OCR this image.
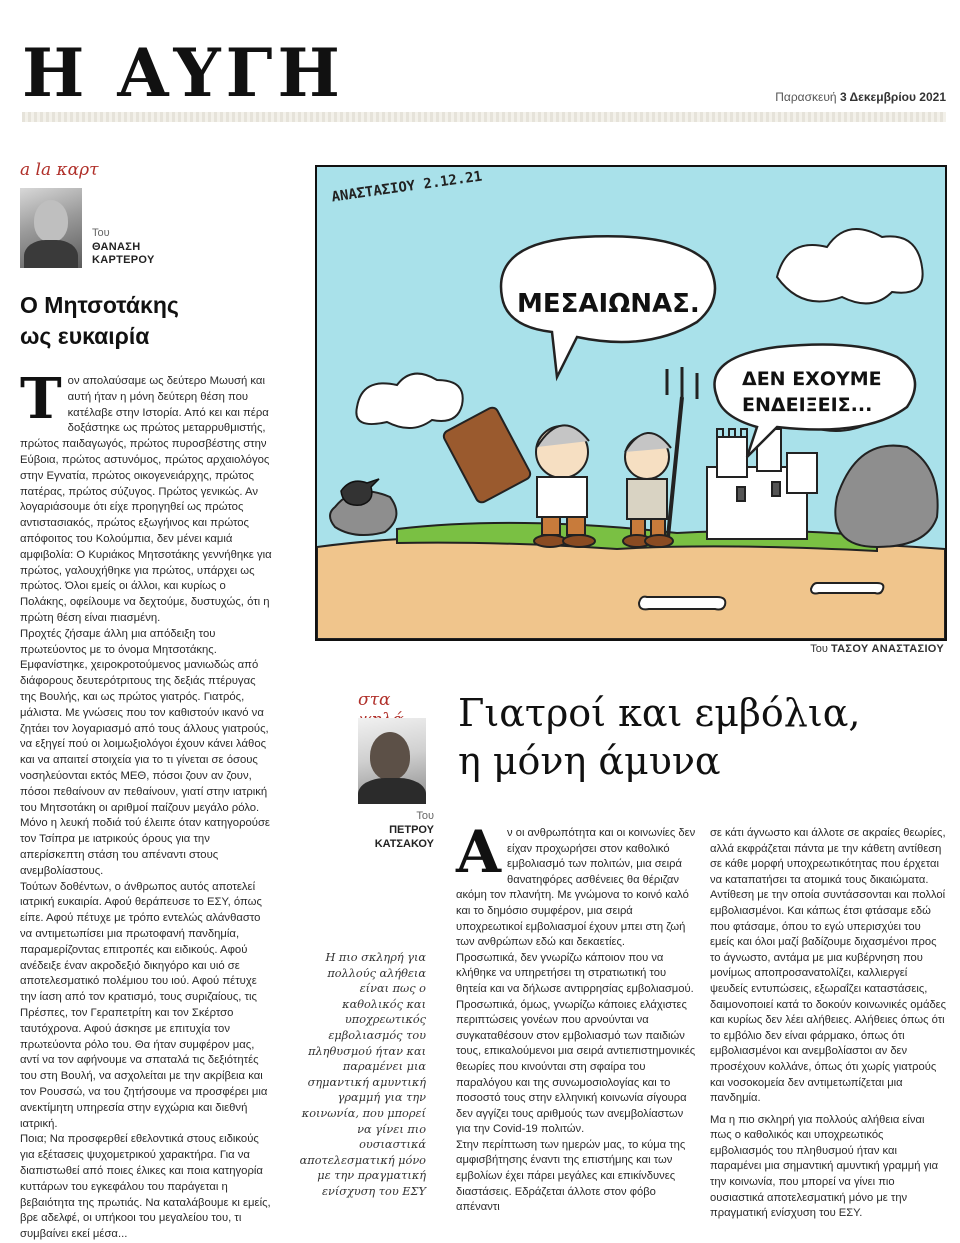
Η ΑΥΓΗ	Παρασκευή 3 Δεκεμβρίου 2021
a la καρτ
Του
ΘΑΝΑΣΗ
ΚΑΡΤΕΡΟΥ
Ο Μητσοτάκης
ως ευκαιρία

Τον απολαύσαμε ως δεύτερο Μωυσή και αυτή ήταν η μόνη δεύτερη θέση που κατέλαβε στην Ιστορία. Από κει και πέρα δοξάστηκε ως πρώτος μεταρρυθμιστής, πρώτος παιδαγωγός, πρώτος πυροσβέστης στην Εύβοια, πρώτος αστυνόμος, πρώτος αρχαιολόγος στην Εγνατία, πρώτος οικογενειάρχης, πρώτος πατέρας, πρώτος σύζυγος. Πρώτος γενικώς. Αν λογαριάσουμε ότι είχε προηγηθεί ως πρώτος αντιστασιακός, πρώτος εξωγήινος και πρώτος απόφοιτος του Κολούμπια, δεν μένει καμιά αμφιβολία: Ο Κυριάκος Μητσοτάκης γεννήθηκε για πρώτος, γαλουχήθηκε για πρώτος, υπάρχει ως πρώτος. Όλοι εμείς οι άλλοι, και κυρίως ο Πολάκης, οφείλουμε να δεχτούμε, δυστυχώς, ότι η πρώτη θέση είναι πιασμένη.

Προχτές ζήσαμε άλλη μια απόδειξη του πρωτεύοντος με το όνομα Μητσοτάκης. Εμφανίστηκε, χειροκροτούμενος μανιωδώς από διάφορους δευτερότριτους της δεξιάς πτέρυγας της Βουλής, και ως πρώτος γιατρός. Γιατρός, μάλιστα. Με γνώσεις που τον καθιστούν ικανό να ζητάει τον λογαριασμό από τους άλλους γιατρούς, να εξηγεί πού οι λοιμωξιολόγοι έχουν κάνει λάθος και να απαιτεί στοιχεία για το τι γίνεται σε όσους νοσηλεύονται εκτός ΜΕΘ, πόσοι ζουν αν ζουν, πόσοι πεθαίνουν αν πεθαίνουν, γιατί στην ιατρική του Μητσοτάκη οι αριθμοί παίζουν μεγάλο ρόλο. Μόνο η λευκή ποδιά τού έλειπε όταν κατηγορούσε τον Τσίπρα με ιατρικούς όρους για την απερίσκεπτη στάση του απέναντι στους ανεμβολίαστους.

Τούτων δοθέντων, ο άνθρωπος αυτός αποτελεί ιατρική ευκαιρία. Αφού θεράπευσε το ΕΣΥ, όπως είπε. Αφού πέτυχε με τρόπο εντελώς αλάνθαστο να αντιμετωπίσει μια πρωτοφανή πανδημία, παραμερίζοντας επιτροπές και ειδικούς. Αφού ανέδειξε έναν ακροδεξιό δικηγόρο και υιό σε αποτελεσματικό πολέμιου του ιού. Αφού πέτυχε την ίαση από τον κρατισμό, τους συριζαίους, τις Πρέσπες, τον Γεραπετρίτη και τον Σκέρτσο ταυτόχρονα. Αφού άσκησε με επιτυχία τον πρωτεύοντα ρόλο του. Θα ήταν συμφέρον μας, αντί να τον αφήνουμε να σπαταλά τις δεξιότητές του στη Βουλή, να ασχολείται με την ακρίβεια και τον Ρουσσώ, να του ζητήσουμε να προσφέρει μια ανεκτίμητη υπηρεσία στην εγχώρια και διεθνή ιατρική.

Ποια; Να προσφερθεί εθελοντικά στους ειδικούς για εξέτασεις ψυχομετρικού χαρακτήρα. Για να διαπιστωθεί από ποιες έλικες και ποια κατηγορία κυττάρων του εγκεφάλου του παράγεται η βεβαιότητα της πρωτιάς. Να καταλάβουμε κι εμείς, βρε αδελφέ, οι υπήκοοι του μεγαλείου του, τι συμβαίνει εκεί μέσα...

ΜΕΣΑΙΩΝΑΣ.
ΔΕΝ ΕΧΟΥΜΕ
ΕΝΔΕΙΞΕΙΣ...
ΑΝΑΣΤΑΣΙΟΥ 2.12.21
Του ΤΑΣΟΥ ΑΝΑΣΤΑΣΙΟΥ
στα
Του
ΠΕΤΡΟΥ
ΚΑΤΣΑΚΟΥ
Γιατροί και εμβόλια,
η μόνη άμυνα
Η πιο σκληρή για πολλούς αλήθεια είναι πως ο καθολικός και υποχρεωτικός εμβολιασμός του πληθυσμού ήταν και παραμένει μια σημαντική αμυντική γραμμή για την κοινωνία, που μπορεί να γίνει πιο ουσιαστικά αποτελεσματική μόνο με την πραγματική ενίσχυση του ΕΣΥ

Αν οι ανθρωπότητα και οι κοινωνίες δεν είχαν προχωρήσει στον καθολικό εμβολιασμό των πολιτών, μια σειρά θανατηφόρες ασθένειες θα θέριζαν ακόμη τον πλανήτη. Με γνώμονα το κοινό καλό και το δημόσιο συμφέρον, μια σειρά υποχρεωτικοί εμβολιασμοί έχουν μπει στη ζωή των ανθρώπων εδώ και δεκαετίες.

Προσωπικά, δεν γνωρίζω κάποιον που να κλήθηκε να υπηρετήσει τη στρατιωτική του θητεία και να δήλωσε αντιρρησίας εμβολιασμού. Προσωπικά, όμως, γνωρίζω κάποιες ελάχιστες περιπτώσεις γονέων που αρνούνται να συγκαταθέσουν στον εμβολιασμό των παιδιών τους, επικαλούμενοι μια σειρά αντιεπιστημονικές θεωρίες που κινούνται στη σφαίρα του παραλόγου και της συνωμοσιολογίας και το ποσοστό τους στην ελληνική κοινωνία σίγουρα δεν αγγίζει τους αριθμούς των ανεμβολίαστων για την Covid-19 πολιτών.

Στην περίπτωση των ημερών μας, το κύμα της αμφισβήτησης έναντι της επιστήμης και των εμβολίων έχει πάρει μεγάλες και επικίνδυνες διαστάσεις. Εδράζεται άλλοτε στον φόβο απέναντι

σε κάτι άγνωστο και άλλοτε σε ακραίες θεωρίες, αλλά εκφράζεται πάντα με την κάθετη αντίθεση σε κάθε μορφή υποχρεωτικότητας που έρχεται να καταπατήσει τα ατομικά τους δικαιώματα. Αντίθεση με την οποία συντάσσονται και πολλοί εμβολιασμένοι. Και κάπως έτσι φτάσαμε εδώ που φτάσαμε, όπου το εγώ υπερισχύει του εμείς και όλοι μαζί βαδίζουμε διχασμένοι προς το άγνωστο, αντάμα με μια κυβέρνηση που μονίμως αποπροσανατολίζει, καλλιεργεί ψευδείς εντυπώσεις, εξωραΐζει καταστάσεις, δαιμονοποιεί κατά το δοκούν κοινωνικές ομάδες και κυρίως δεν λέει αλήθειες. Αλήθειες όπως ότι το εμβόλιο δεν είναι φάρμακο, όπως ότι εμβολιασμένοι και ανεμβολίαστοι αν δεν προσέχουν κολλάνε, όπως ότι χωρίς γιατρούς και νοσοκομεία δεν αντιμετωπίζεται μια πανδημία.

Μα η πιο σκληρή για πολλούς αλήθεια είναι πως ο καθολικός και υποχρεωτικός εμβολιασμός του πληθυσμού ήταν και παραμένει μια σημαντική αμυντική γραμμή για την κοινωνία, που μπορεί να γίνει πιο ουσιαστικά αποτελεσματική μόνο με την πραγματική ενίσχυση του ΕΣΥ.
